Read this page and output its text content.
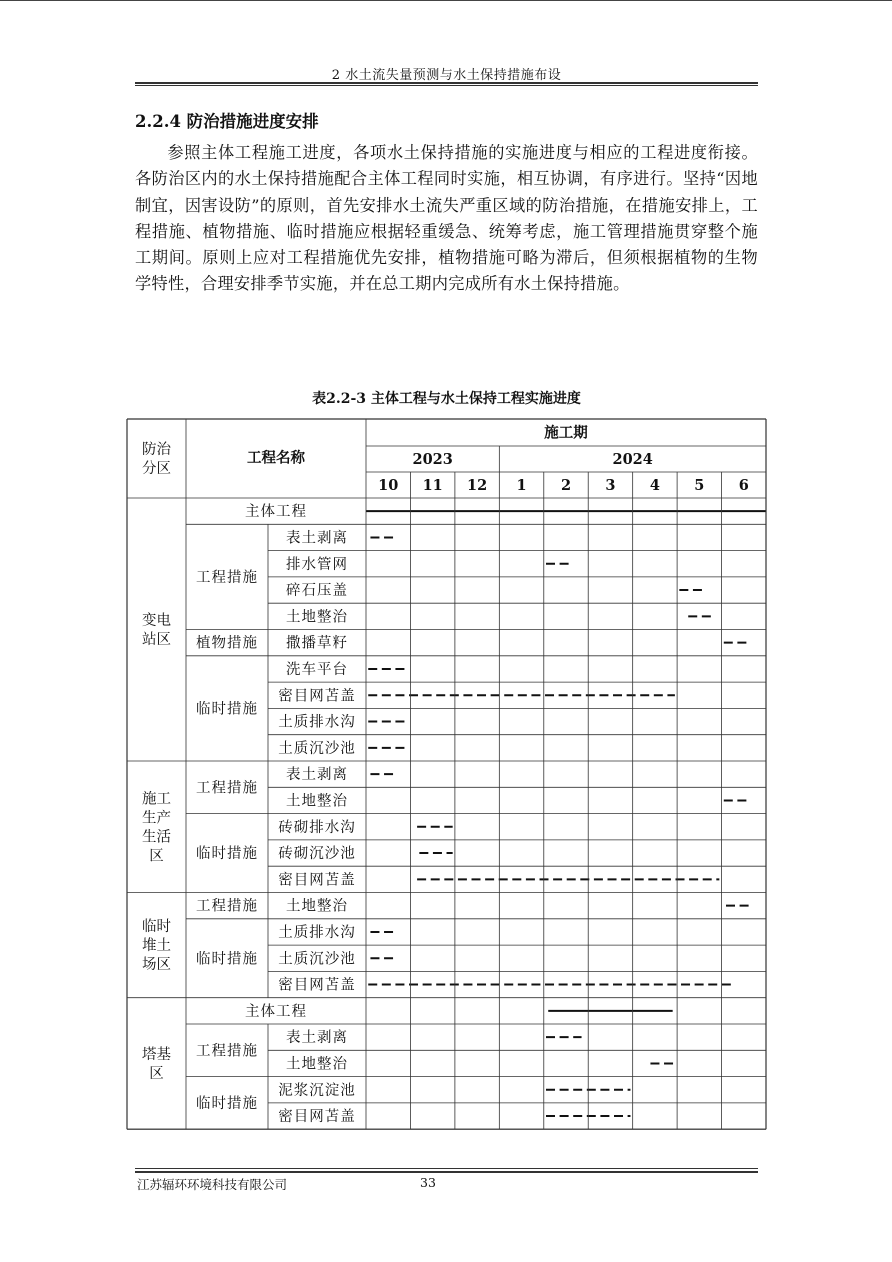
2 水土流失量预测与水土保持措施布设
2.2.4 防治措施进度安排

参照主体工程施工进度，各项水土保持措施的实施进度与相应的工程进度衔接。各防治区内的水土保持措施配合主体工程同时实施，相互协调，有序进行。坚持“因地制宜，因害设防”的原则，首先安排水土流失严重区域的防治措施，在措施安排上，工程措施、植物措施、临时措施应根据轻重缓急、统筹考虑，施工管理措施贯穿整个施工期间。原则上应对工程措施优先安排，植物措施可略为滞后，但须根据植物的生物学特性，合理安排季节实施，并在总工期内完成所有水土保持措施。

表2.2-3 主体工程与水土保持工程实施进度
防治分区
工程名称
施工期
2023	2024
10 11 12 1 2 3 4 5 6
主体工程
表土剥离
排水管网
碎石压盖
土地整治
工程措施
撒播草籽
植物措施
洗车平台
密目网苫盖
土质排水沟
土质沉沙池
临时措施
变电站区
表土剥离
土地整治
工程措施
砖砌排水沟
砖砌沉沙池
密目网苫盖
临时措施
施工生产生活区
土地整治
工程措施
土质排水沟
土质沉沙池
密目网苫盖
临时措施
临时堆土场区
主体工程
表土剥离
土地整治
工程措施
泥浆沉淀池
密目网苫盖
临时措施
塔基区
江苏辐环环境科技有限公司	33
